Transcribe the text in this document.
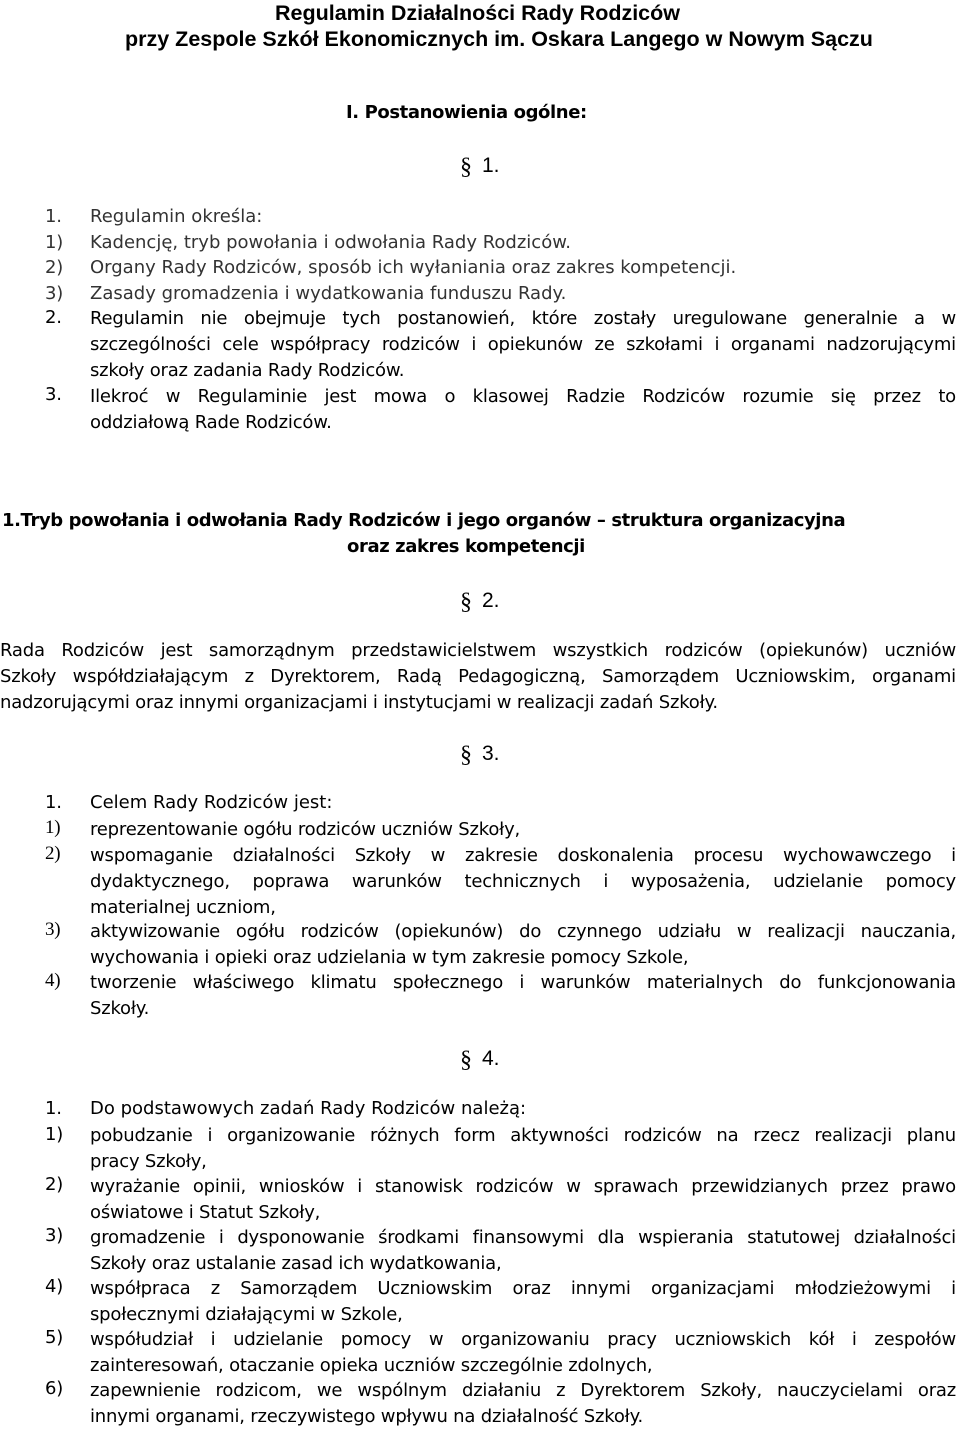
Regulamin Działalności Rady Rodziców
przy Zespole Szkół Ekonomicznych im. Oskara Langego w Nowym Sączu
I. Postanowienia ogólne:
§ 1.
1. Regulamin określa:
1) Kadencję, tryb powołania i odwołania Rady Rodziców.
2) Organy Rady Rodziców, sposób ich wyłaniania oraz zakres kompetencji.
3) Zasady gromadzenia i wydatkowania funduszu Rady.
2. Regulamin nie obejmuje tych postanowień, które zostały uregulowane generalnie a w
szczególności cele współpracy rodziców i opiekunów ze szkołami i organami nadzorującymi
szkoły oraz zadania Rady Rodziców.
3. Ilekroć w Regulaminie jest mowa o klasowej Radzie Rodziców rozumie się przez to
oddziałową Rade Rodziców.
1.Tryb powołania i odwołania Rady Rodziców i jego organów – struktura organizacyjna
oraz zakres kompetencji
§ 2.
Rada Rodziców jest samorządnym przedstawicielstwem wszystkich rodziców (opiekunów) uczniów
Szkoły współdziałającym z Dyrektorem, Radą Pedagogiczną, Samorządem Uczniowskim, organami
nadzorującymi oraz innymi organizacjami i instytucjami w realizacji zadań Szkoły.
§ 3.
1. Celem Rady Rodziców jest:
1) reprezentowanie ogółu rodziców uczniów Szkoły,
2) wspomaganie działalności Szkoły w zakresie doskonalenia procesu wychowawczego i
dydaktycznego, poprawa warunków technicznych i wyposażenia, udzielanie pomocy
materialnej uczniom,
3) aktywizowanie ogółu rodziców (opiekunów) do czynnego udziału w realizacji nauczania,
wychowania i opieki oraz udzielania w tym zakresie pomocy Szkole,
4) tworzenie właściwego klimatu społecznego i warunków materialnych do funkcjonowania
Szkoły.
§ 4.
1. Do podstawowych zadań Rady Rodziców należą:
1) pobudzanie i organizowanie różnych form aktywności rodziców na rzecz realizacji planu
pracy Szkoły,
2) wyrażanie opinii, wniosków i stanowisk rodziców w sprawach przewidzianych przez prawo
oświatowe i Statut Szkoły,
3) gromadzenie i dysponowanie środkami finansowymi dla wspierania statutowej działalności
Szkoły oraz ustalanie zasad ich wydatkowania,
4) współpraca z Samorządem Uczniowskim oraz innymi organizacjami młodzieżowymi i
społecznymi działającymi w Szkole,
5) współudział i udzielanie pomocy w organizowaniu pracy uczniowskich kół i zespołów
zainteresowań, otaczanie opieka uczniów szczególnie zdolnych,
6) zapewnienie rodzicom, we wspólnym działaniu z Dyrektorem Szkoły, nauczycielami oraz
innymi organami, rzeczywistego wpływu na działalność Szkoły.
